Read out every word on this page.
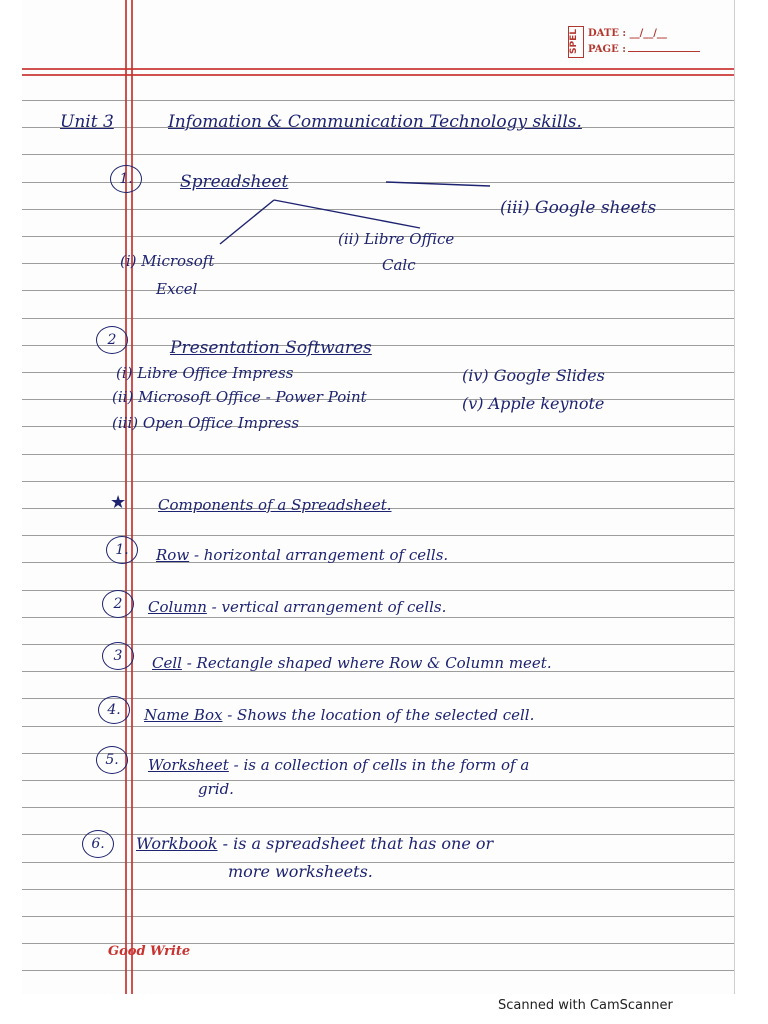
SPEL DATE : __/__/__
PAGE :
Unit 3	Infomation & Communication Technology skills.
1.	Spreadsheet
(i) Microsoft
Excel
(ii) Libre Office
Calc
(iii) Google sheets
2	Presentation Softwares
(i) Libre Office Impress
(ii) Microsoft Office - Power Point
(iii) Open Office Impress
(iv) Google Slides
(v) Apple keynote
★ Components of a Spreadsheet.
1.	Row - horizontal arrangement of cells.
2	Column - vertical arrangement of cells.
3	Cell - Rectangle shaped where Row & Column meet.
4.	Name Box - Shows the location of the selected cell.
5.	Worksheet - is a collection of cells in the form of a
grid.
6.	Workbook - is a spreadsheet that has one or
more worksheets.
Good Write
Scanned with CamScanner
